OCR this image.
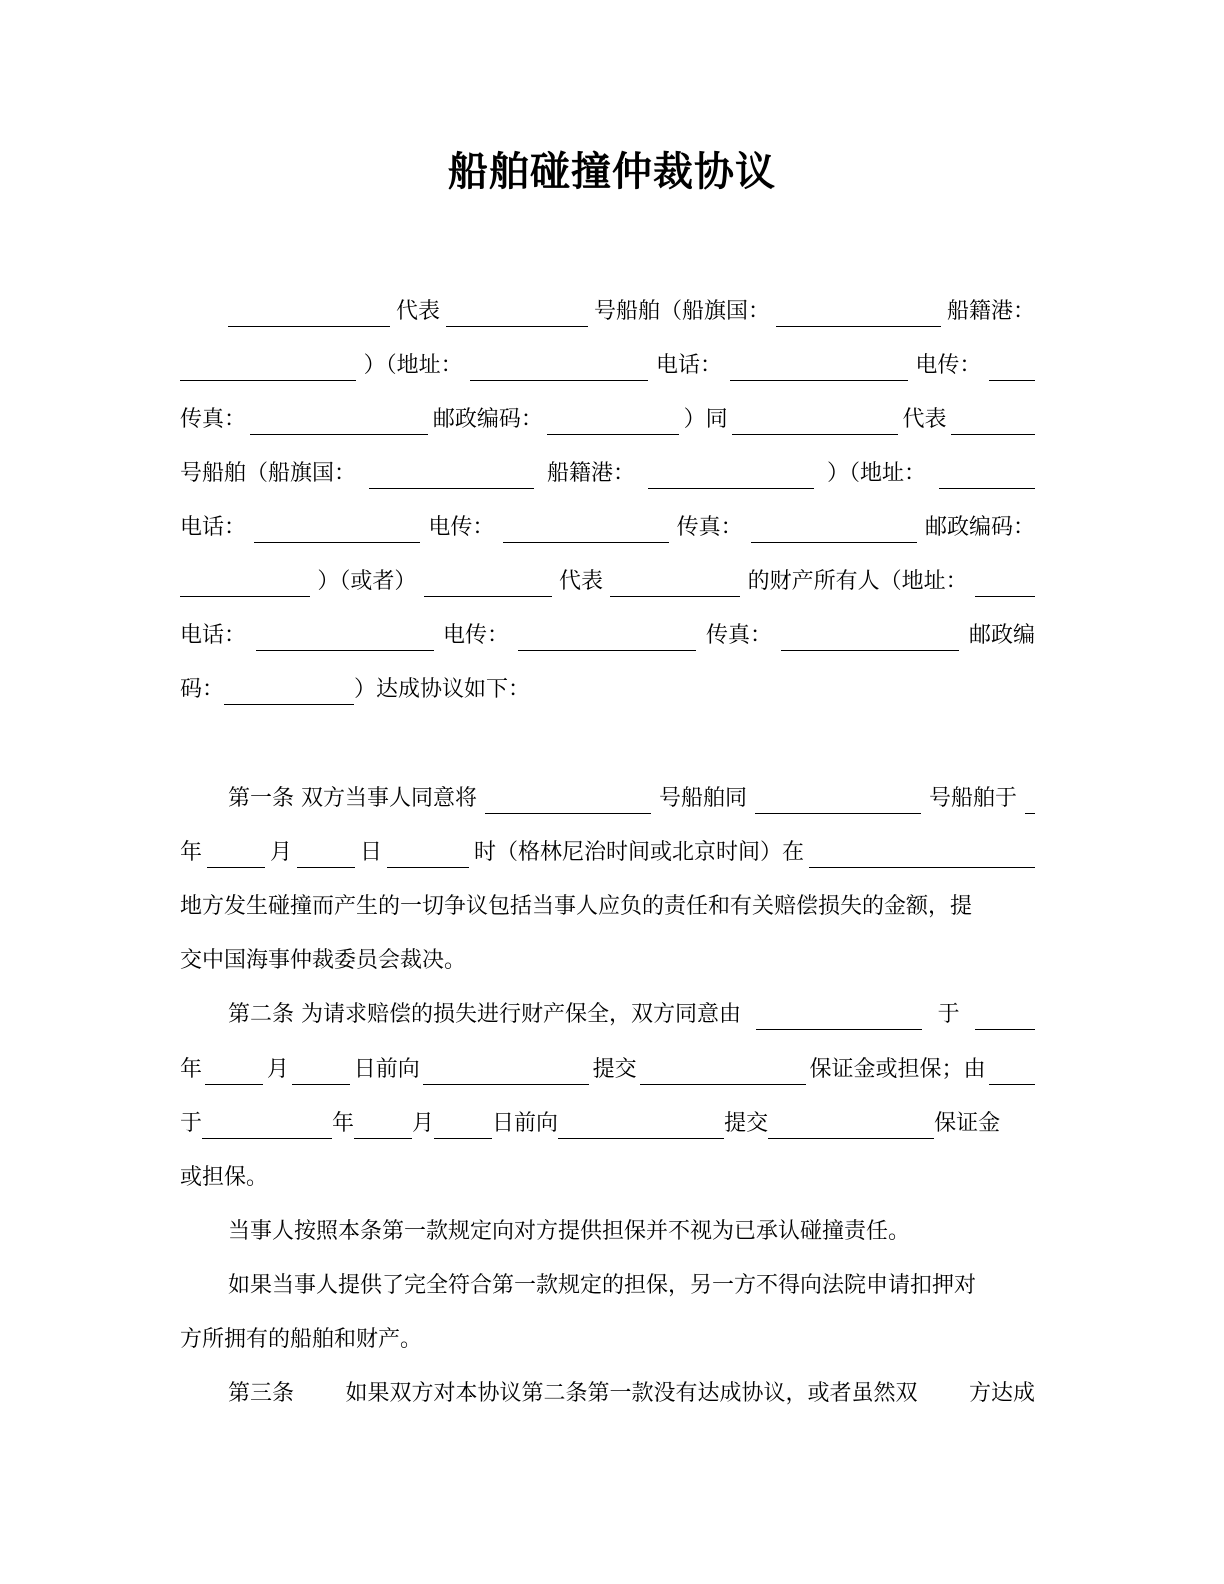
船舶碰撞仲裁协议
代表	号船舶（船旗国：	船籍港：
）（地址：	电话：	电传：
传真：	邮政编码：	）同	代表
号船舶（船旗国：	船籍港：	）（地址：
电话：	电传：	传真：	邮政编码：
）（或者）	代表	的财产所有人（地址：
电话：	电传：	传真：	邮政编
码：	）达成协议如下：
第一条 双方当事人同意将	号船舶同	号船舶于
年	月	日	时（格林尼治时间或北京时间）在
地方发生碰撞而产生的一切争议包括当事人应负的责任和有关赔偿损失的金额，提
交中国海事仲裁委员会裁决。
第二条 为请求赔偿的损失进行财产保全，双方同意由	于
年	月	日前向	提交	保证金或担保；由
于	年	月	日前向	提交	保证金
或担保。
当事人按照本条第一款规定向对方提供担保并不视为已承认碰撞责任。
如果当事人提供了完全符合第一款规定的担保，另一方不得向法院申请扣押对
方所拥有的船舶和财产。
第三条 如果双方对本协议第二条第一款没有达成协议，或者虽然双 方达成
